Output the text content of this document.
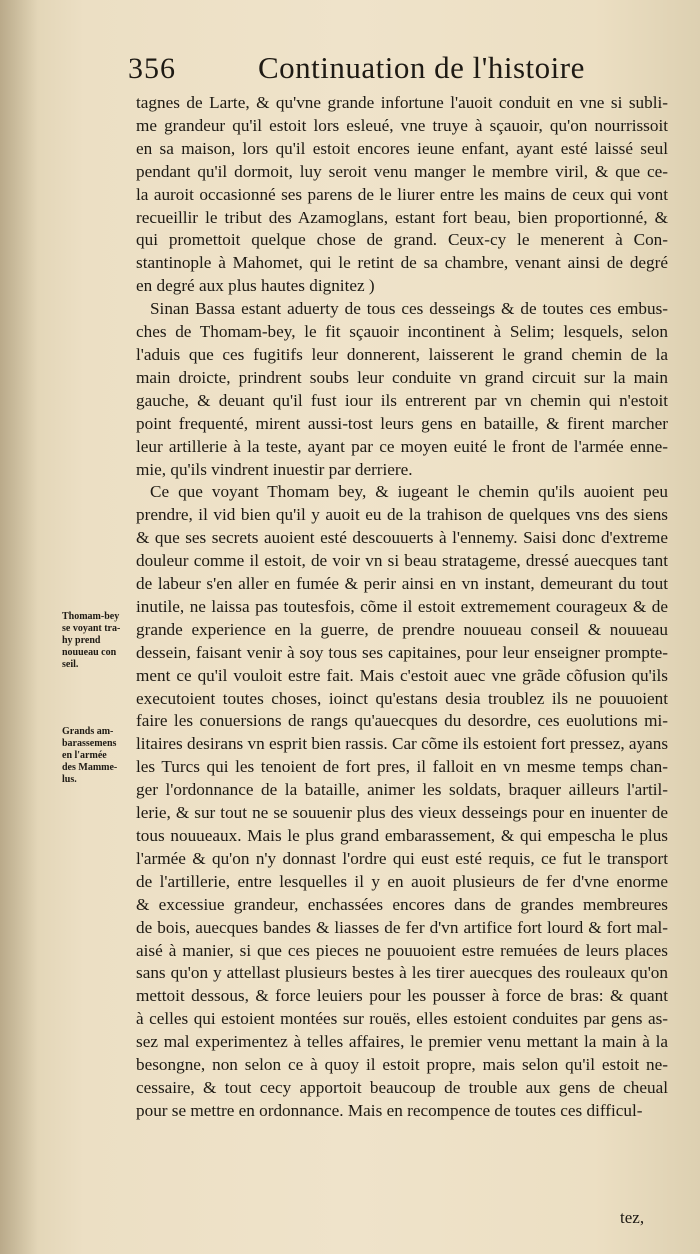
356	Continuation de l'histoire
tagnes de Larte, & qu'vne grande infortune l'auoit conduit en vne si subli-
me grandeur qu'il estoit lors esleué, vne truye à sçauoir, qu'on nourrissoit
en sa maison, lors qu'il estoit encores ieune enfant, ayant esté laissé seul
pendant qu'il dormoit, luy seroit venu manger le membre viril, & que ce-
la auroit occasionné ses parens de le liurer entre les mains de ceux qui vont
recueillir le tribut des Azamoglans, estant fort beau, bien proportionné, &
qui promettoit quelque chose de grand. Ceux-cy le menerent à Con-
stantinople à Mahomet, qui le retint de sa chambre, venant ainsi de degré
en degré aux plus hautes dignitez )
Sinan Bassa estant aduerty de tous ces desseings & de toutes ces embus-
ches de Thomam-bey, le fit sçauoir incontinent à Selim; lesquels, selon
l'aduis que ces fugitifs leur donnerent, laisserent le grand chemin de la
main droicte, prindrent soubs leur conduite vn grand circuit sur la main
gauche, & deuant qu'il fust iour ils entrerent par vn chemin qui n'estoit
point frequenté, mirent aussi-tost leurs gens en bataille, & firent marcher
leur artillerie à la teste, ayant par ce moyen euité le front de l'armée enne-
mie, qu'ils vindrent inuestir par derriere.
Ce que voyant Thomam bey, & iugeant le chemin qu'ils auoient peu
prendre, il vid bien qu'il y auoit eu de la trahison de quelques vns des siens
& que ses secrets auoient esté descouuerts à l'ennemy. Saisi donc d'extreme
douleur comme il estoit, de voir vn si beau stratageme, dressé auecques tant
de labeur s'en aller en fumée & perir ainsi en vn instant, demeurant du tout
inutile, ne laissa pas toutesfois, cõme il estoit extremement courageux & de
grande experience en la guerre, de prendre nouueau conseil & nouueau
dessein, faisant venir à soy tous ses capitaines, pour leur enseigner prompte-
ment ce qu'il vouloit estre fait. Mais c'estoit auec vne grãde cõfusion qu'ils
executoient toutes choses, ioinct qu'estans desia troublez ils ne pouuoient
faire les conuersions de rangs qu'auecques du desordre, ces euolutions mi-
litaires desirans vn esprit bien rassis. Car cõme ils estoient fort pressez, ayans
les Turcs qui les tenoient de fort pres, il falloit en vn mesme temps chan-
ger l'ordonnance de la bataille, animer les soldats, braquer ailleurs l'artil-
lerie, & sur tout ne se souuenir plus des vieux desseings pour en inuenter de
tous nouueaux. Mais le plus grand embarassement, & qui empescha le plus
l'armée & qu'on n'y donnast l'ordre qui eust esté requis, ce fut le transport
de l'artillerie, entre lesquelles il y en auoit plusieurs de fer d'vne enorme
& excessiue grandeur, enchassées encores dans de grandes membreures
de bois, auecques bandes & liasses de fer d'vn artifice fort lourd & fort mal-
aisé à manier, si que ces pieces ne pouuoient estre remuées de leurs places
sans qu'on y attellast plusieurs bestes à les tirer auecques des rouleaux qu'on
mettoit dessous, & force leuiers pour les pousser à force de bras: & quant
à celles qui estoient montées sur rouës, elles estoient conduites par gens as-
sez mal experimentez à telles affaires, le premier venu mettant la main à la
besongne, non selon ce à quoy il estoit propre, mais selon qu'il estoit ne-
cessaire, & tout cecy apportoit beaucoup de trouble aux gens de cheual
pour se mettre en ordonnance. Mais en recompence de toutes ces difficul-
Thomam-bey
se voyant tra-
hy prend
nouueau con
seil.
Grands am-
barassemens
en l'armée
des Mamme-
lus.
tez,
